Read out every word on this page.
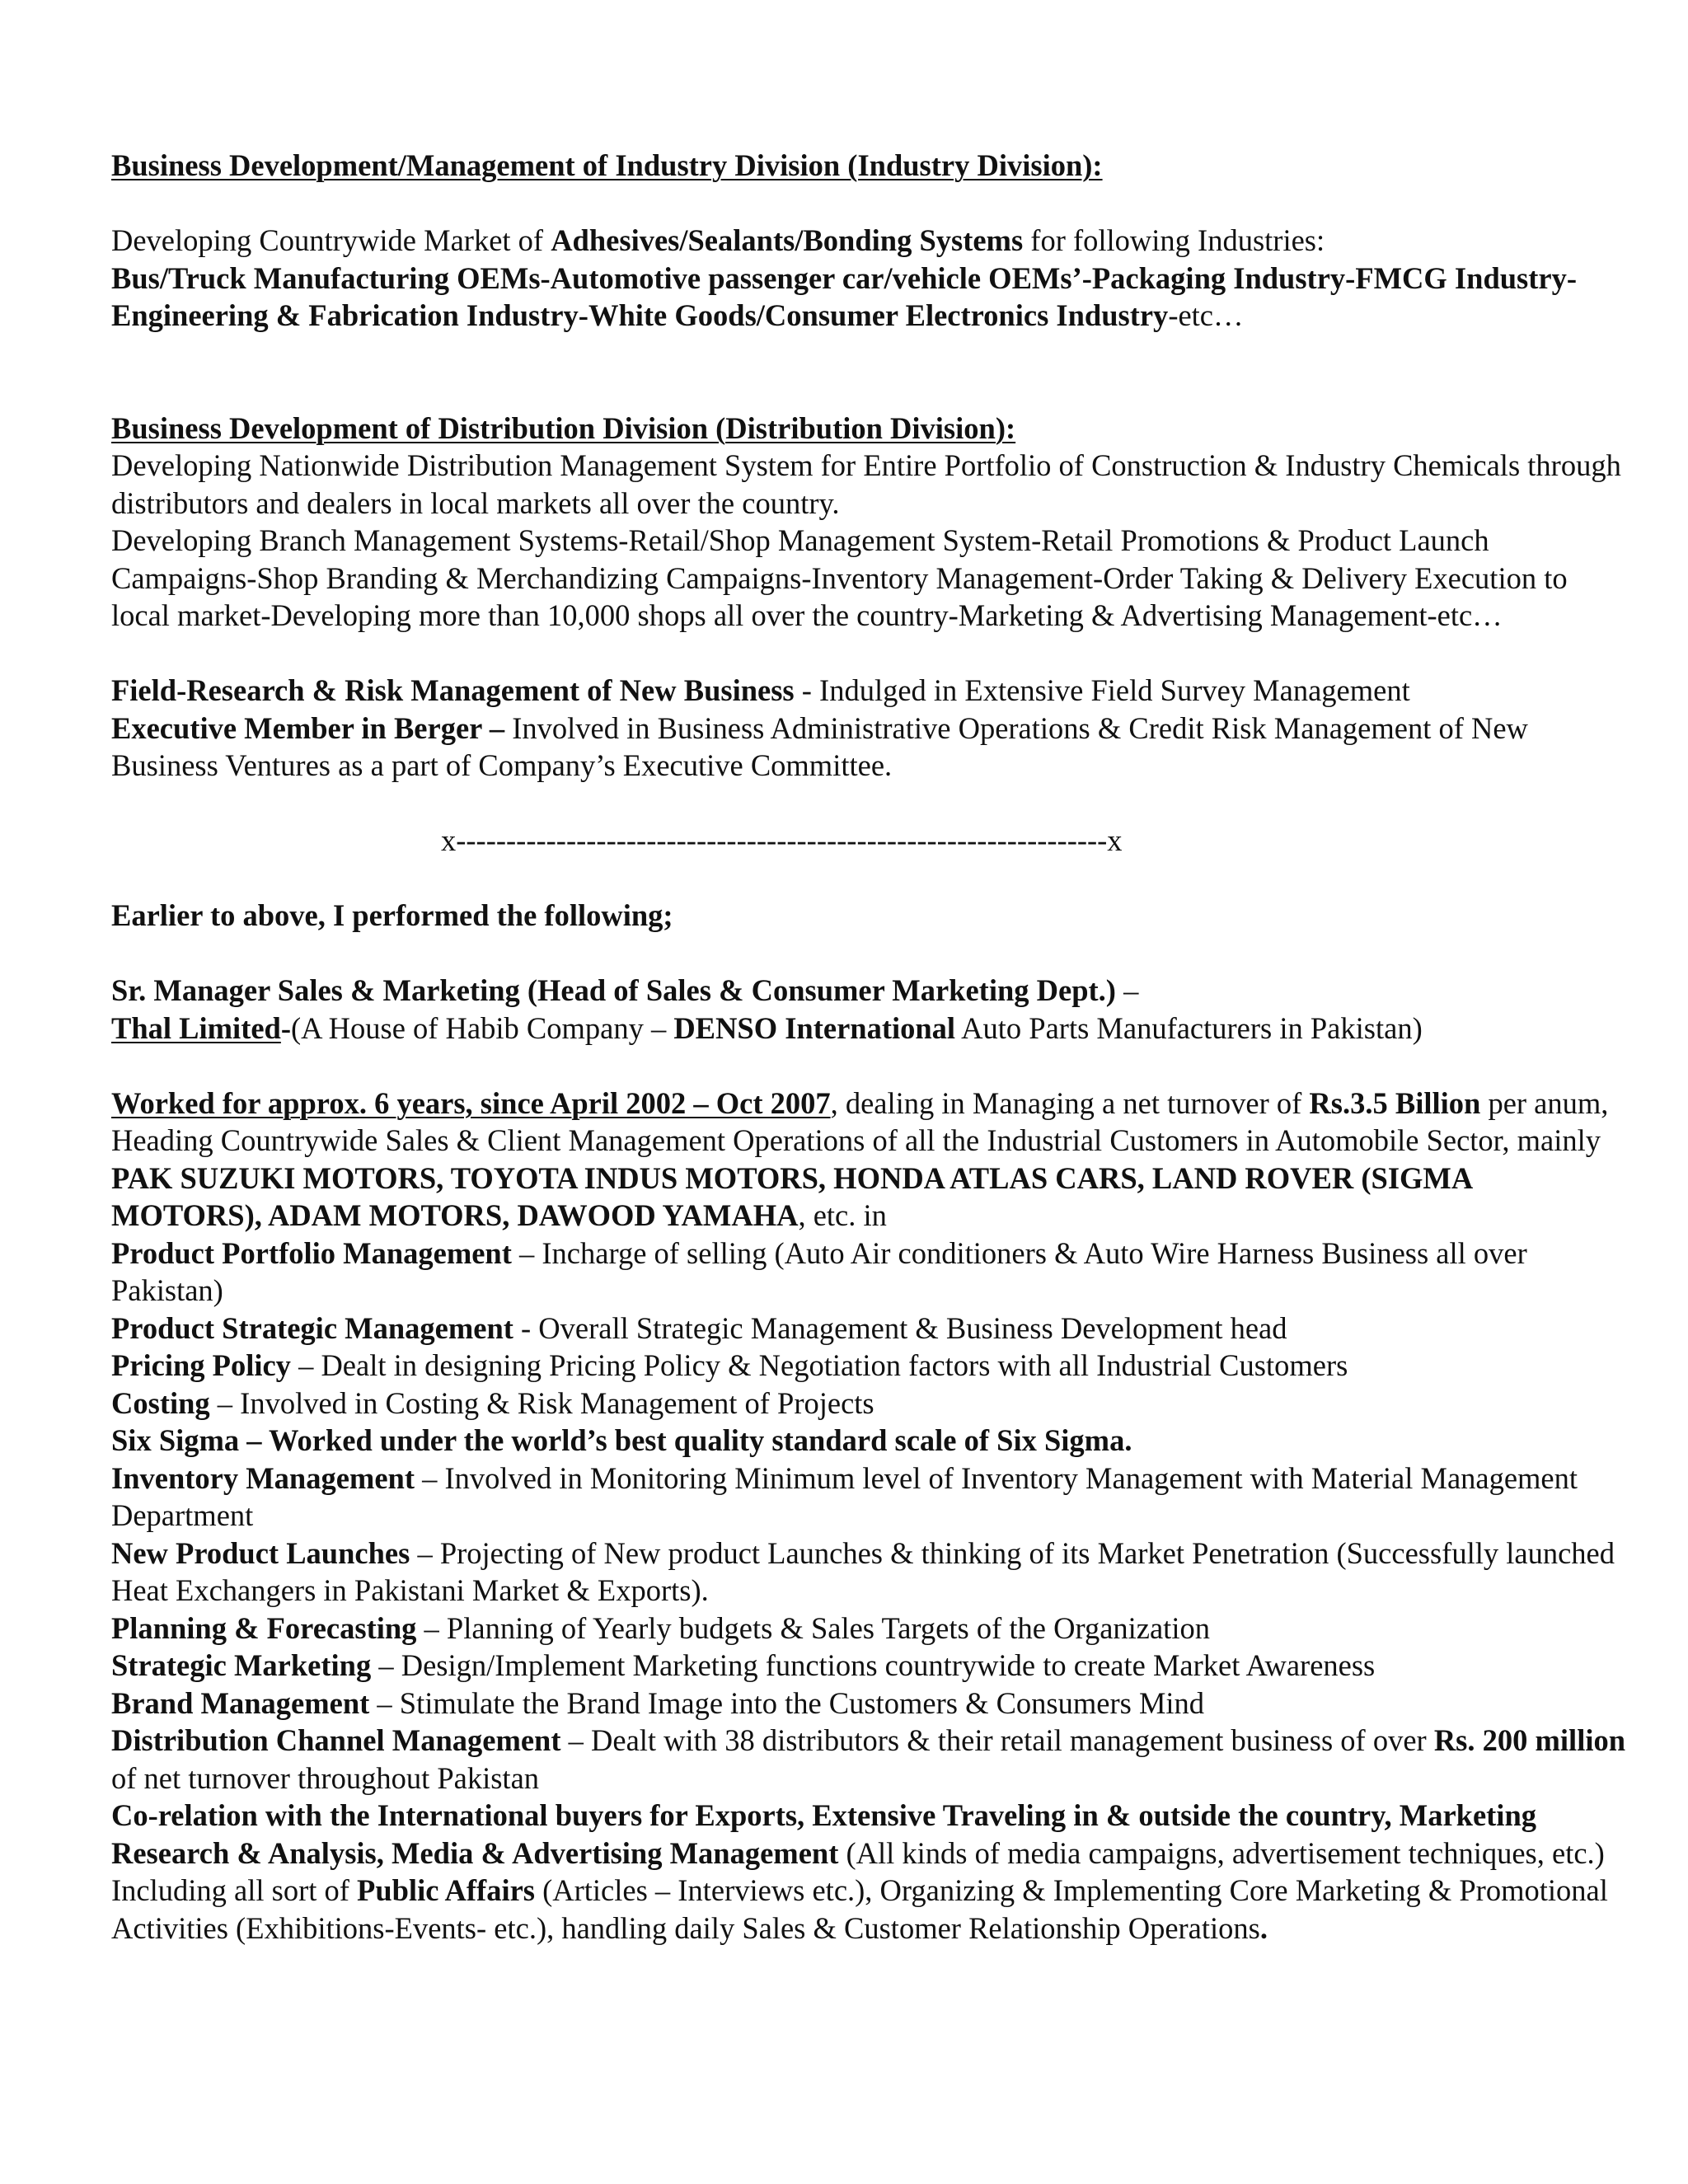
Business Development/Management of Industry Division (Industry Division):

Developing Countrywide Market of Adhesives/Sealants/Bonding Systems for following Industries:
Bus/Truck Manufacturing OEMs-Automotive passenger car/vehicle OEMs’-Packaging Industry-FMCG Industry-Engineering & Fabrication Industry-White Goods/Consumer Electronics Industry-etc…

Business Development of Distribution Division (Distribution Division):

Developing Nationwide Distribution Management System for Entire Portfolio of Construction & Industry Chemicals through distributors and dealers in local markets all over the country.

Developing Branch Management Systems-Retail/Shop Management System-Retail Promotions & Product Launch Campaigns-Shop Branding & Merchandizing Campaigns-Inventory Management-Order Taking & Delivery Execution to local market-Developing more than 10,000 shops all over the country-Marketing & Advertising Management-etc…

Field-Research & Risk Management of New Business - Indulged in Extensive Field Survey Management
Executive Member in Berger – Involved in Business Administrative Operations & Credit Risk Management of New Business Ventures as a part of Company’s Executive Committee.

x-----------------------------------------------------------------x

Earlier to above, I performed the following;

Sr. Manager Sales & Marketing (Head of Sales & Consumer Marketing Dept.) –
Thal Limited-(A House of Habib Company – DENSO International Auto Parts Manufacturers in Pakistan)

Worked for approx. 6 years, since April 2002 – Oct 2007, dealing in Managing a net turnover of Rs.3.5 Billion per anum, Heading Countrywide Sales & Client Management Operations of all the Industrial Customers in Automobile Sector, mainly
PAK SUZUKI MOTORS, TOYOTA INDUS MOTORS, HONDA ATLAS CARS, LAND ROVER (SIGMA MOTORS), ADAM MOTORS, DAWOOD YAMAHA, etc. in

Product Portfolio Management – Incharge of selling (Auto Air conditioners & Auto Wire Harness Business all over Pakistan)

Product Strategic Management - Overall Strategic Management & Business Development head

Pricing Policy – Dealt in designing Pricing Policy & Negotiation factors with all Industrial Customers

Costing – Involved in Costing & Risk Management of Projects

Six Sigma – Worked under the world’s best quality standard scale of Six Sigma.

Inventory Management – Involved in Monitoring Minimum level of Inventory Management with Material Management Department

New Product Launches – Projecting of New product Launches & thinking of its Market Penetration (Successfully launched Heat Exchangers in Pakistani Market & Exports).

Planning & Forecasting – Planning of Yearly budgets & Sales Targets of the Organization

Strategic Marketing – Design/Implement Marketing functions countrywide to create Market Awareness

Brand Management – Stimulate the Brand Image into the Customers & Consumers Mind

Distribution Channel Management – Dealt with 38 distributors & their retail management business of over Rs. 200 million of net turnover throughout Pakistan

Co-relation with the International buyers for Exports, Extensive Traveling in & outside the country, Marketing Research & Analysis, Media & Advertising Management (All kinds of media campaigns, advertisement techniques, etc.)

Including all sort of Public Affairs (Articles – Interviews etc.), Organizing & Implementing Core Marketing & Promotional Activities (Exhibitions-Events- etc.), handling daily Sales & Customer Relationship Operations.
